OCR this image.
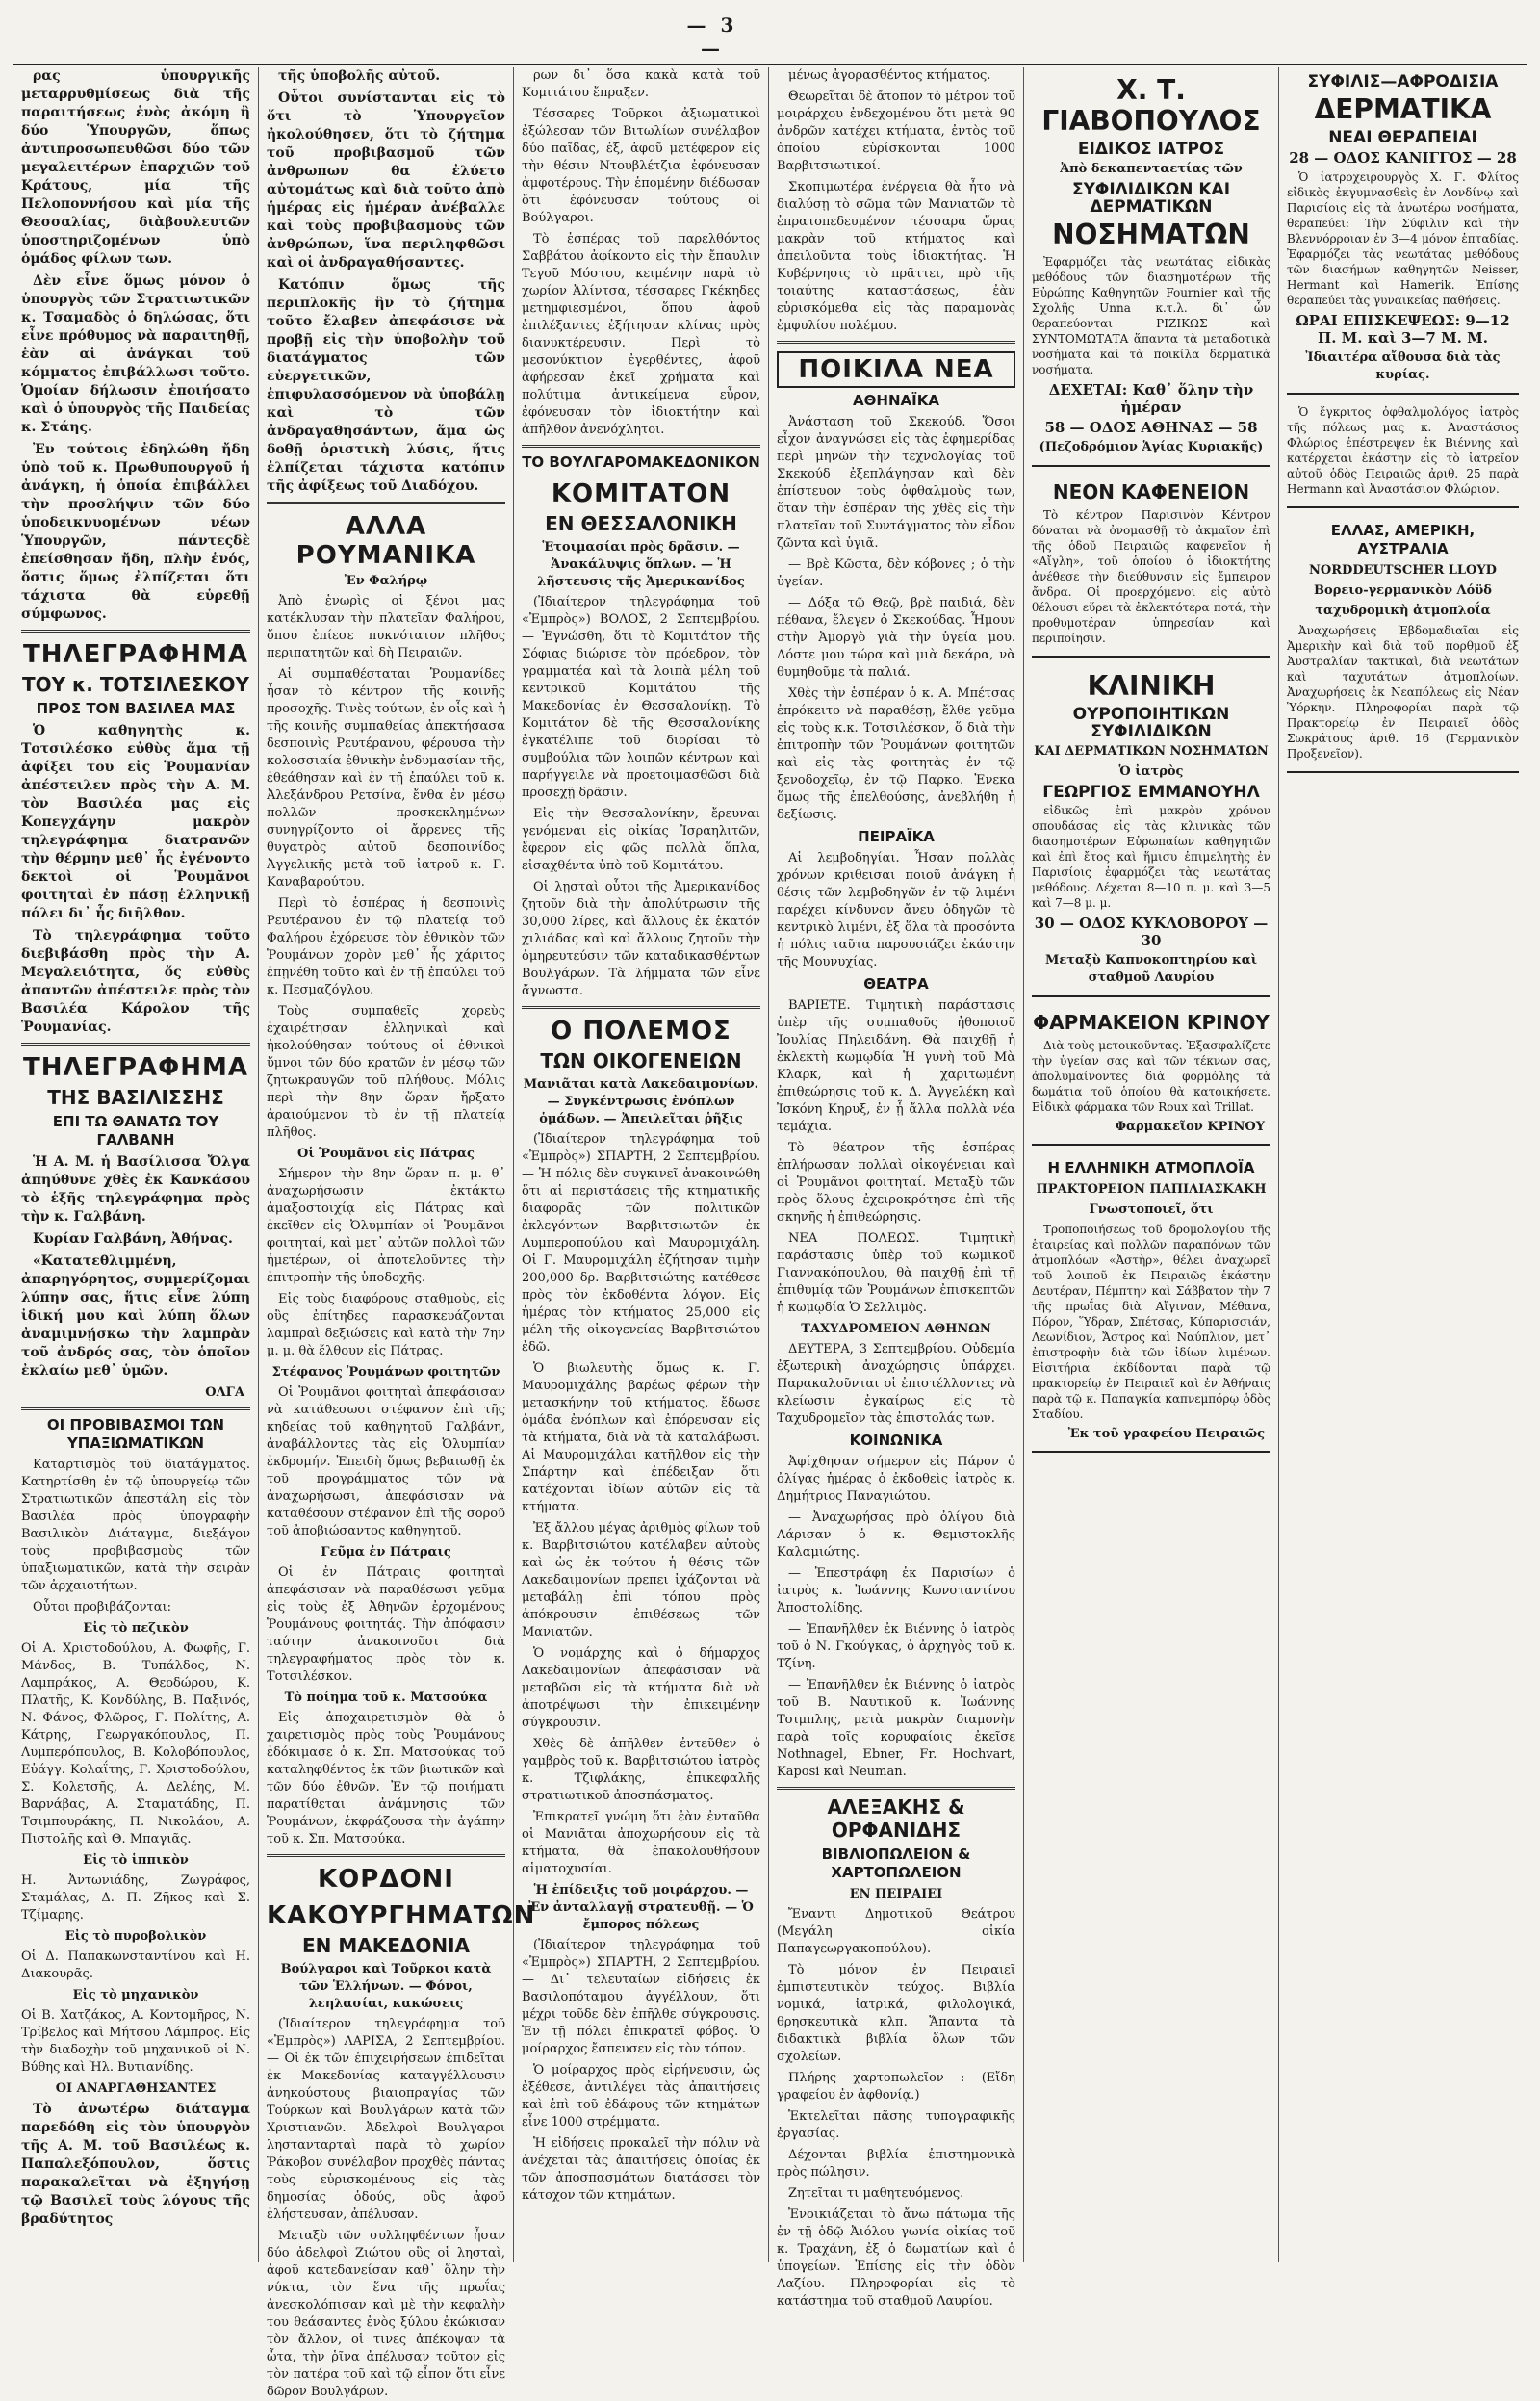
— 3 —

ρας ὑπουργικῆς μεταρρυθμίσεως διὰ τῆς παραιτήσεως ἑνὸς ἀκόμη ἢ δύο Ὑπουργῶν, ὅπως ἀντιπροσωπευθῶσι δύο τῶν μεγαλειτέρων ἐπαρχιῶν τοῦ Κράτους, μία τῆς Πελοποννήσου καὶ μία τῆς Θεσσαλίας, διὰβουλευτῶν ὑποστηριζομένων ὑπὸ ὁμάδος φίλων των.

Δὲν εἶνε ὅμως μόνον ὁ ὑπουργὸς τῶν Στρατιωτικῶν κ. Τσαμαδὸς ὁ δηλώσας, ὅτι εἶνε πρόθυμος νὰ παραιτηθῇ, ἐὰν αἱ ἀνάγκαι τοῦ κόμματος ἐπιβάλλωσι τοῦτο. Ὁμοίαν δήλωσιν ἐποιήσατο καὶ ὁ ὑπουργὸς τῆς Παιδείας κ. Στάης.

Ἐν τούτοις ἐδηλώθη ἤδη ὑπὸ τοῦ κ. Πρωθυπουργοῦ ἡ ἀνάγκη, ἡ ὁποία ἐπιβάλλει τὴν προσλήψιν τῶν δύο ὑποδεικνυομένων νέων Ὑπουργῶν, πάντεςδὲ ἐπείσθησαν ἤδη, πλὴν ἑνός, ὅστις ὅμως ἐλπίζεται ὅτι τάχιστα θὰ εὑρεθῇ σύμφωνος.

ΤΗΛΕΓΡΑΦΗΜΑ
ΤΟΥ κ. ΤΟΤΣΙΛΕΣΚΟΥ
ΠΡΟΣ ΤΟΝ ΒΑΣΙΛΕΑ ΜΑΣ

Ὁ καθηγητὴς κ. Τοτσιλέσκο εὐθὺς ἅμα τῇ ἀφίξει του εἰς Ῥουμανίαν ἀπέστειλεν πρὸς τὴν Α. Μ. τὸν Βασιλέα μας εἰς Κοπεγχάγην μακρὸν τηλεγράφημα διατρανῶν τὴν θέρμην μεθ᾽ ἧς ἐγένοντο δεκτοὶ οἱ Ῥουμᾶνοι φοιτηταὶ ἐν πάσῃ ἑλληνικῇ πόλει δι᾽ ἧς διῆλθον.

Τὸ τηλεγράφημα τοῦτο διεβιβάσθη πρὸς τὴν Α. Μεγαλειότητα, ὅς εὐθὺς ἀπαντῶν ἀπέστειλε πρὸς τὸν Βασιλέα Κάρολον τῆς Ῥουμανίας.

ΤΗΛΕΓΡΑΦΗΜΑ
ΤΗΣ ΒΑΣΙΛΙΣΣΗΣ
ΕΠΙ ΤΩ ΘΑΝΑΤΩ ΤΟΥ ΓΑΛΒΑΝΗ

Ἡ Α. Μ. ἡ Βασίλισσα Ὄλγα ἀπηύθυνε χθὲς ἐκ Κανκάσου τὸ ἑξῆς τηλεγράφημα πρὸς τὴν κ. Γαλβάνη.

Κυρίαν Γαλβάνη, Ἀθήνας.

«Κατατεθλιμμένη, ἀπαρηγόρητος, συμμερίζομαι λύπην σας, ἥτις εἶνε λύπη ἰδική μου καὶ λύπη ὅλων ἀναμιμνῄσκω τὴν λαμπρὰν τοῦ ἀνδρός σας, τὸν ὁποῖον ἐκλαίω μεθ᾽ ὑμῶν.

ΟΛΓΑ
ΟΙ ΠΡΟΒΙΒΑΣΜΟΙ ΤΩΝ ΥΠΑΞΙΩΜΑΤΙΚΩΝ

Καταρτισμὸς τοῦ διατάγματος. Κατηρτίσθη ἐν τῷ ὑπουργείῳ τῶν Στρατιωτικῶν ἀπεστάλη εἰς τὸν Βασιλέα πρὸς ὑπογραφὴν Βασιλικὸν Διάταγμα, διεξάγον τοὺς προβιβασμοὺς τῶν ὑπαξιωματικῶν, κατὰ τὴν σειρὰν τῶν ἀρχαιοτήτων.

Οὗτοι προβιβάζονται:

Εἰς τὸ πεζικὸν

Οἱ Α. Χριστοδούλου, Α. Φωφῆς, Γ. Μάνδος, Β. Τυπάλδος, Ν. Λαμπράκος, Α. Θεοδώρου, Κ. Πλατῆς, Κ. Κονδύλης, Β. Παξινός, Ν. Φάνος, Φλῶρος, Γ. Πολίτης, Α. Κάτρης, Γεωργακόπουλος, Π. Λυμπερόπουλος, Β. Κολοβόπουλος, Εὐάγγ. Κολαΐτης, Γ. Χριστοδούλου, Σ. Κολετσῆς, Α. Δελέης, Μ. Βαρνάβας, Α. Σταματάδης, Π. Τσιμπουράκης, Π. Νικολάου, Α. Πιστολῆς καὶ Θ. Μπαγιᾶς.

Εἰς τὸ ἱππικὸν

Η. Ἀντωνιάδης, Ζωγράφος, Σταμάλας, Δ. Π. Ζῆκος καὶ Σ. Τζίμαρης.

Εἰς τὸ πυροβολικὸν

Οἱ Δ. Παπακωνσταντίνου καὶ Η. Διακουρᾶς.

Εἰς τὸ μηχανικὸν

Οἱ Β. Χατζάκος, Α. Κοντομῆρος, Ν. Τρίβελος καὶ Μήτσου Λάμπρος. Εἰς τὴν διαδοχὴν τοῦ μηχανικοῦ οἱ Ν. Βύθης καὶ Ἠλ. Βυτιανίδης.

ΟΙ ΑΝΑΡΓΑΘΗΣΑΝΤΕΣ

Τὸ ἀνωτέρω διάταγμα παρεδόθη εἰς τὸν ὑπουργὸν τῆς Α. Μ. τοῦ Βασιλέως κ. Παπαλεξόπουλον, ὅστις παρακαλεῖται νὰ ἐξηγήσῃ τῷ Βασιλεῖ τοὺς λόγους τῆς βραδύτητος

τῆς ὑποβολῆς αὐτοῦ.

Οὗτοι συνίστανται εἰς τὸ ὅτι τὸ Ὑπουργεῖον ἠκολούθησεν, ὅτι τὸ ζήτημα τοῦ προβιβασμοῦ τῶν ἀνθρωπων θα ἐλύετο αὐτομάτως καὶ διὰ τοῦτο ἀπὸ ἡμέρας εἰς ἡμέραν ἀνέβαλλε καὶ τοὺς προβιβασμοὺς τῶν ἀνθρώπων, ἵνα περιληφθῶσι καὶ οἱ ἀνδραγαθήσαντες.

Κατόπιν ὅμως τῆς περιπλοκῆς ἣν τὸ ζήτημα τοῦτο ἔλαβεν ἀπεφάσισε νὰ προβῇ εἰς τὴν ὑποβολὴν τοῦ διατάγματος τῶν εὐεργετικῶν, ἐπιφυλασσόμενον νὰ ὑποβάλῃ καὶ τὸ τῶν ἀνδραγαθησάντων, ἅμα ὡς δοθῇ ὁριστικὴ λύσις, ἥτις ἐλπίζεται τάχιστα κατόπιν τῆς ἀφίξεως τοῦ Διαδόχου.

ΑΛΛΑ ΡΟΥΜΑΝΙΚΑ
Ἐν Φαλήρῳ

Ἀπὸ ἑνωρὶς οἱ ξένοι μας κατέκλυσαν τὴν πλατεῖαν Φαλήρου, ὅπου ἐπίεσε πυκνότατον πλῆθος περιπατητῶν καὶ δὴ Πειραιῶν.

Αἱ συμπαθέσταται Ῥουμανίδες ἦσαν τὸ κέντρον τῆς κοινῆς προσοχῆς. Τινὲς τούτων, ἐν οἷς καὶ ἡ τῆς κοινῆς συμπαθείας ἀπεκτήσασα δεσποινὶς Ρευτέρανου, φέρουσα τὴν κολοσσιαία ἐθνικὴν ἐνδυμασίαν τῆς, ἐθεάθησαν καὶ ἐν τῇ ἐπαύλει τοῦ κ. Ἀλεξάνδρου Ρετσίνα, ἔνθα ἐν μέσῳ πολλῶν προσκεκλημένων συνηγρίζοντο οἱ ἄρρενες τῆς θυγατρὸς αὐτοῦ δεσποινίδος Ἀγγελικῆς μετὰ τοῦ ἰατροῦ κ. Γ. Καναβαρούτου.

Περὶ τὸ ἑσπέρας ἡ δεσποινὶς Ρευτέρανου ἐν τῷ πλατείᾳ τοῦ Φαλήρου ἐχόρευσε τὸν ἐθνικὸν τῶν Ῥουμάνων χορὸν μεθ᾽ ἧς χάριτος ἐπῃνέθη τοῦτο καὶ ἐν τῇ ἐπαύλει τοῦ κ. Πεσμαζόγλου.

Τοὺς συμπαθεῖς χορεὺς ἐχαιρέτησαν ἑλληνικαὶ καὶ ἠκολούθησαν τούτους οἱ ἐθνικοὶ ὕμνοι τῶν δύο κρατῶν ἐν μέσῳ τῶν ζητωκραυγῶν τοῦ πλήθους. Μόλις περὶ τὴν 8ην ὥραν ἤρξατο ἀραιούμενον τὸ ἐν τῇ πλατείᾳ πλῆθος.

Οἱ Ῥουμᾶνοι εἰς Πάτρας

Σήμερον τὴν 8ην ὥραν π. μ. θ᾽ ἀναχωρήσωσιν ἐκτάκτῳ ἀμαξοστοιχίᾳ εἰς Πάτρας καὶ ἐκεῖθεν εἰς Ὀλυμπίαν οἱ Ῥουμᾶνοι φοιτηταί, καὶ μετ᾽ αὐτῶν πολλοὶ τῶν ἡμετέρων, οἱ ἀποτελοῦντες τὴν ἐπιτροπὴν τῆς ὑποδοχῆς.

Εἰς τοὺς διαφόρους σταθμοὺς, εἰς οὓς ἐπίτηδες παρασκευάζονται λαμπραὶ δεξιώσεις καὶ κατὰ τὴν 7ην μ. μ. θὰ ἔλθουν εἰς Πάτρας.

Στέφανος Ῥουμάνων φοιτητῶν

Οἱ Ῥουμᾶνοι φοιτηταὶ ἀπεφάσισαν νὰ κατάθεσωσι στέφανον ἐπὶ τῆς κηδείας τοῦ καθηγητοῦ Γαλβάνη, ἀναβάλλοντες τὰς εἰς Ὀλυμπίαν ἐκδρομήν. Ἐπειδὴ ὅμως βεβαιωθῇ ἐκ τοῦ προγράμματος τῶν νὰ ἀναχωρήσωσι, ἀπεφάσισαν νὰ καταθέσουν στέφανον ἐπὶ τῆς σοροῦ τοῦ ἀποβιώσαντος καθηγητοῦ.

Γεῦμα ἐν Πάτραις

Οἱ ἐν Πάτραις φοιτηταὶ ἀπεφάσισαν νὰ παραθέσωσι γεῦμα εἰς τοὺς ἐξ Ἀθηνῶν ἐρχομένους Ῥουμάνους φοιτητάς. Τὴν ἀπόφασιν ταύτην ἀνακοινοῦσι διὰ τηλεγραφήματος πρὸς τὸν κ. Τοτσιλέσκον.

Τὸ ποίημα τοῦ κ. Ματσούκα

Εἰς ἀποχαιρετισμὸν θὰ ὁ χαιρετισμὸς πρὸς τοὺς Ῥουμάνους ἐδόκιμασε ὁ κ. Σπ. Ματσούκας τοῦ καταληφθέντος ἐκ τῶν βιωτικῶν καὶ τῶν δύο ἐθνῶν. Ἐν τῷ ποιήματι παρατίθεται ἀνάμνησις τῶν Ῥουμάνων, ἐκφράζουσα τὴν ἀγάπην τοῦ κ. Σπ. Ματσούκα.

ΚΟΡΔΟΝΙ
ΚΑΚΟΥΡΓΗΜΑΤΩΝ
ΕΝ ΜΑΚΕΔΟΝΙΑ
Βούλγαροι καὶ Τοῦρκοι κατὰ τῶν Ἑλλήνων. — Φόνοι, λεηλασίαι, κακώσεις

(Ἰδιαίτερον τηλεγράφημα τοῦ «Ἐμπρὸς») ΛΑΡΙΣΑ, 2 Σεπτεμβρίου. — Οἱ ἐκ τῶν ἐπιχειρήσεων ἐπιδεῖται ἐκ Μακεδονίας καταγγέλλουσιν ἀνηκούστους βιαιοπραγίας τῶν Τούρκων καὶ Βουλγάρων κατὰ τῶν Χριστιανῶν. Ἀδελφοὶ Βουλγαροι ληστανταρταὶ παρὰ τὸ χωρίον Ῥάκοβον συνέλαβον προχθὲς πάντας τοὺς εὑρισκομένους εἰς τὰς δημοσίας ὁδούς, οὓς ἀφοῦ ἐλήστευσαν, ἀπέλυσαν.

Μεταξὺ τῶν συλληφθέντων ἦσαν δύο ἀδελφοὶ Ζιώτου οὓς οἱ λησταὶ, ἀφοῦ κατεδανείσαν καθ᾽ ὅλην τὴν νύκτα, τὸν ἕνα τῆς πρωΐας ἀνεσκολόπισαν καὶ μὲ τὴν κεφαλὴν του θεάσαντες ἑνὸς ξύλου ἐκώκισαν τὸν ἄλλον, οἱ τινες ἀπέκοψαν τὰ ὦτα, τὴν ῥῖνα ἀπέλυσαν τοῦτον εἰς τὸν πατέρα τοῦ καὶ τῷ εἶπον ὅτι εἶνε δῶρον Βουλγάρων.

ρων δι᾽ ὅσα κακὰ κατὰ τοῦ Κομιτάτου ἔπραξεν.

Τέσσαρες Τοῦρκοι ἀξιωματικοὶ ἐξώλεσαν τῶν Βιτωλίων συνέλαβον δύο παῖδας, ἐξ, ἀφοῦ μετέφερον εἰς τὴν θέσιν Ντουβλέτζια ἐφόνευσαν ἀμφοτέρους. Τὴν ἑπομένην διέδωσαν ὅτι ἐφόνευσαν τούτους οἱ Βούλγαροι.

Τὸ ἑσπέρας τοῦ παρελθόντος Σαββάτου ἀφίκοντο εἰς τὴν ἔπαυλιν Τεγοῦ Μόστου, κειμένην παρὰ τὸ χωρίον Ἀλίντσα, τέσσαρες Γκέκηδες μετημφιεσμένοι, ὅπου ἀφοῦ ἐπιλέξαντες ἐξήτησαν κλίνας πρὸς διανυκτέρευσιν. Περὶ τὸ μεσονύκτιον ἐγερθέντες, ἀφοῦ ἀφήρεσαν ἐκεῖ χρήματα καὶ πολύτιμα ἀντικείμενα εὗρον, ἐφόνευσαν τὸν ἰδιοκτήτην καὶ ἀπῆλθον ἀνενόχλητοι.

ΤΟ ΒΟΥΛΓΑΡΟΜΑΚΕΔΟΝΙΚΟΝ
ΚΟΜΙΤΑΤΟΝ
ΕΝ ΘΕΣΣΑΛΟΝΙΚΗ
Ἑτοιμασίαι πρὸς δρᾶσιν. — Ἀνακάλυψις ὅπλων. — Ἡ λῆστευσις τῆς Ἀμερικανίδος

(Ἰδιαίτερον τηλεγράφημα τοῦ «Ἐμπρὸς») ΒΟΛΟΣ, 2 Σεπτεμβρίου. — Ἐγνώσθη, ὅτι τὸ Κομιτάτον τῆς Σόφιας διώρισε τὸν πρόεδρον, τὸν γραμματέα καὶ τὰ λοιπὰ μέλη τοῦ κεντρικοῦ Κομιτάτου τῆς Μακεδονίας ἐν Θεσσαλονίκῃ. Τὸ Κομιτάτον δὲ τῆς Θεσσαλονίκης ἐγκατέλιπε τοῦ διορίσαι τὸ συμβούλια τῶν λοιπῶν κέντρων καὶ παρήγγειλε νὰ προετοιμασθῶσι διὰ προσεχῇ δρᾶσιν.

Εἰς τὴν Θεσσαλονίκην, ἔρευναι γενόμεναι εἰς οἰκίας Ἰσραηλιτῶν, ἔφερον εἰς φῶς πολλὰ ὅπλα, εἰσαχθέντα ὑπὸ τοῦ Κομιτάτου.

Οἱ λῃσταὶ οὗτοι τῆς Ἀμερικανίδος ζητοῦν διὰ τὴν ἀπολύτρωσιν τῆς 30,000 λίρες, καὶ ἄλλους ἐκ ἑκατόν χιλιάδας καὶ καὶ ἄλλους ζητοῦν τὴν ὁμηρευτεύσιν τῶν καταδικασθέντων Βουλγάρων. Τὰ λήμματα τῶν εἶνε ἄγνωστα.

Ο ΠΟΛΕΜΟΣ
ΤΩΝ ΟΙΚΟΓΕΝΕΙΩΝ
Μανιᾶται κατὰ Λακεδαιμονίων. — Συγκέντρωσις ἐνόπλων ὁμάδων. — Ἀπειλεῖται ῥῆξις

(Ἰδιαίτερον τηλεγράφημα τοῦ «Ἐμπρὸς») ΣΠΑΡΤΗ, 2 Σεπτεμβρίου. — Ἡ πόλις δὲν συγκινεῖ ἀνακοινώθη ὅτι αἱ περιστάσεις τῆς κτηματικῆς διαφορᾶς τῶν πολιτικῶν ἐκλεγόντων Βαρβιτσιωτῶν ἐκ Λυμπεροπούλου καὶ Μαυρομιχάλη. Οἱ Γ. Μαυρομιχάλη ἐζήτησαν τιμὴν 200,000 δρ. Βαρβιτσιώτης κατέθεσε πρὸς τὸν ἐκδοθέντα λόγον. Εἰς ἡμέρας τὸν κτήματος 25,000 εἰς μέλη τῆς οἰκογενείας Βαρβιτσιώτου ἐδῶ.

Ὁ βιωλευτὴς ὅμως κ. Γ. Μαυρομιχάλης βαρέως φέρων τὴν μετασκήνην τοῦ κτήματος, ἔδωσε ὁμάδα ἐνόπλων καὶ ἐπόρευσαν εἰς τὰ κτήματα, διὰ νὰ τὰ καταλάβωσι. Αἱ Μαυρομιχάλαι κατῆλθον εἰς τὴν Σπάρτην καὶ ἐπέδειξαν ὅτι κατέχονται ἰδίων αὐτῶν εἰς τὰ κτήματα.

Ἐξ ἄλλου μέγας ἀριθμὸς φίλων τοῦ κ. Βαρβιτσιώτου κατέλαβεν αὐτοὺς καὶ ὡς ἐκ τούτου ἡ θέσις τῶν Λακεδαιμονίων πρεπει ἰχάζονται νὰ μεταβάλῃ ἐπὶ τόπου πρὸς ἀπόκρουσιν ἐπιθέσεως τῶν Μανιατῶν.

Ὁ νομάρχης καὶ ὁ δήμαρχος Λακεδαιμονίων ἀπεφάσισαν νὰ μεταβῶσι εἰς τὰ κτήματα διὰ νὰ ἀποτρέψωσι τὴν ἐπικειμένην σύγκρουσιν.

Χθὲς δὲ ἀπῆλθεν ἐντεῦθεν ὁ γαμβρὸς τοῦ κ. Βαρβιτσιώτου ἰατρὸς κ. Τζιφλάκης, ἐπικεφαλῆς στρατιωτικοῦ ἀποσπάσματος.

Ἐπικρατεῖ γνώμη ὅτι ἐὰν ἐνταῦθα οἱ Μανιᾶται ἀποχωρήσουν εἰς τὰ κτήματα, θὰ ἐπακολουθήσουν αἱματοχυσίαι.

Ἡ ἐπίδειξις τοῦ μοιράρχου. — Ἐν ἀνταλλαγῇ στρατευθῇ. — Ὁ ἔμπορος πόλεως

(Ἰδιαίτερον τηλεγράφημα τοῦ «Ἐμπρὸς») ΣΠΑΡΤΗ, 2 Σεπτεμβρίου. — Δι᾽ τελευταίων εἰδήσεις ἐκ Βασιλοπόταμου ἀγγέλλουν, ὅτι μέχρι τοῦδε δὲν ἐπῆλθε σύγκρουσις. Ἐν τῇ πόλει ἐπικρατεῖ φόβος. Ὁ μοίραρχος ἔσπευσεν εἰς τὸν τόπον.

Ὁ μοίραρχος πρὸς εἰρήνευσιν, ὡς ἐξέθεσε, ἀντιλέγει τὰς ἀπαιτήσεις καὶ ἐπὶ τοῦ ἐδάφους τῶν κτημάτων εἶνε 1000 στρέμματα.

Ἡ εἰδήσεις προκαλεῖ τὴν πόλιν νὰ ἀνέχεται τὰς ἀπαιτήσεις ὁποίας ἐκ τῶν ἀποσπασμάτων διατάσσει τὸν κάτοχον τῶν κτημάτων.

μένως ἀγορασθέντος κτήματος.

Θεωρεῖται δὲ ἄτοπον τὸ μέτρον τοῦ μοιράρχου ἐνδεχομένου ὅτι μετὰ 90 ἀνδρῶν κατέχει κτήματα, ἐντὸς τοῦ ὁποίου εὑρίσκονται 1000 Βαρβιτσιωτικοί.

Σκοπιμωτέρα ἐνέργεια θὰ ἦτο νὰ διαλύσῃ τὸ σῶμα τῶν Μανιατῶν τὸ ἐπρατοπεδευμένον τέσσαρα ὥρας μακρὰν τοῦ κτήματος καὶ ἀπειλοῦντα τοὺς ἰδιοκτήτας. Ἡ Κυβέρνησις τὸ πρᾶττει, πρὸ τῆς τοιαύτης καταστάσεως, ἐὰν εὑρισκόμεθα εἰς τὰς παραμονὰς ἐμφυλίου πολέμου.

ΠΟΙΚΙΛΑ ΝΕΑ
ΑΘΗΝΑΪΚΑ

Ἀνάσταση τοῦ Σκεκούδ. Ὅσοι εἶχον ἀναγνώσει εἰς τὰς ἐφημερίδας περὶ μηνῶν τὴν τεχνολογίας τοῦ Σκεκούδ ἐξεπλάγησαν καὶ δὲν ἐπίστευον τοὺς ὀφθαλμοὺς των, ὅταν τὴν ἑσπέραν τῆς χθὲς εἰς τὴν πλατεῖαν τοῦ Συντάγματος τὸν εἶδον ζῶντα καὶ ὑγιᾶ.

— Βρὲ Κῶστα, δὲν κόβονες ; ὁ τὴν ὑγείαν.

— Δόξα τῷ Θεῷ, βρὲ παιδιά, δὲν πέθανα, ἔλεγεν ὁ Σκεκούδας. Ἦμουν στὴν Ἀμοργὸ γιὰ τὴν ὑγεία μου. Δόστε μου τώρα καὶ μιὰ δεκάρα, νὰ θυμηθοῦμε τὰ παλιά.

Χθὲς τὴν ἑσπέραν ὁ κ. Α. Μπέτσας ἐπρόκειτο νὰ παραθέσῃ, ἔλθε γεῦμα εἰς τοὺς κ.κ. Τοτσιλέσκον, ὅ διὰ τὴν ἐπιτροπὴν τῶν Ῥουμάνων φοιτητῶν καὶ εἰς τὰς φοιτητὰς ἐν τῷ ξενοδοχεῖῳ, ἐν τῷ Παρκο. Ἐνεκα ὅμως τῆς ἐπελθούσης, ἀνεβλήθη ἡ δεξίωσις.

ΠΕΙΡΑΪΚΑ

Αἱ λεμβοδηγίαι. Ἦσαν πολλὰς χρόνων κριθεισαι ποιοῦ ἀνάγκη ἡ θέσις τῶν λεμβοδηγῶν ἐν τῷ λιμένι παρέχει κίνδυνον ἄνευ ὁδηγῶν τὸ κεντρικὸ λιμένι, ἐξ ὅλα τὰ προσόντα ἡ πόλις ταῦτα παρουσιάζει ἐκάστην τῆς Μουνυχίας.

ΘΕΑΤΡΑ

ΒΑΡΙΕΤΕ. Τιμητικὴ παράστασις ὑπὲρ τῆς συμπαθοῦς ἠθοποιοῦ Ἰουλίας Πηλειδάνη. Θὰ παιχθῇ ἡ ἐκλεκτὴ κωμῳδία Ἡ γυνὴ τοῦ Μὰ Κλαρκ, καὶ ἡ χαριτωμένη ἐπιθεώρησις τοῦ κ. Δ. Ἀγγελέκη καὶ Ἰσκόνη Κηρυξ, ἐν ᾗ ἄλλα πολλὰ νέα τεμάχια.

Τὸ θέατρον τῆς ἑσπέρας ἐπλήρωσαν πολλαὶ οἰκογένειαι καὶ οἱ Ῥουμᾶνοι φοιτηταί. Μεταξὺ τῶν πρὸς ὅλους ἐχειροκρότησε ἐπὶ τῆς σκηνῆς ἡ ἐπιθεώρησις.

ΝΕΑ ΠΟΛΕΩΣ. Τιμητικὴ παράστασις ὑπὲρ τοῦ κωμικοῦ Γιαννακόπουλου, θὰ παιχθῇ ἐπὶ τῇ ἐπιθυμίᾳ τῶν Ῥουμάνων ἐπισκεπτῶν ἡ κωμῳδία Ὁ Σελλιμὸς.

ΤΑΧΥΔΡΟΜΕΙΟΝ ΑΘΗΝΩΝ

ΔΕΥΤΕΡΑ, 3 Σεπτεμβρίου. Οὐδεμία ἐξωτερικὴ ἀναχώρησις ὑπάρχει. Παρακαλοῦνται οἱ ἐπιστέλλοντες νὰ κλείωσιν ἐγκαίρως εἰς τὸ Ταχυδρομεῖον τὰς ἐπιστολάς των.

ΚΟΙΝΩΝΙΚΑ

Ἀφίχθησαν σήμερον εἰς Πάρον ὁ ὀλίγας ἡμέρας ὁ ἐκδοθεὶς ἰατρὸς κ. Δημήτριος Παναγιώτου.

— Ἀναχωρήσας πρὸ ὀλίγου διὰ Λάρισαν ὁ κ. Θεμιστοκλῆς Καλαμιώτης.

— Ἐπεστράφη ἐκ Παρισίων ὁ ἰατρὸς κ. Ἰωάννης Κωνσταντίνου Ἀποστολίδης.

— Ἐπανῆλθεν ἐκ Βιέννης ὁ ἰατρὸς τοῦ ὁ Ν. Γκούγκας, ὁ ἀρχηγὸς τοῦ κ. Τζίνη.

— Ἐπανῆλθεν ἐκ Βιέννης ὁ ἰατρὸς τοῦ Β. Ναυτικοῦ κ. Ἰωάννης Τσιμπλης, μετὰ μακρὰν διαμονὴν παρὰ τοῖς κορυφαίοις ἐκεῖσε Nothnagel, Ebner, Fr. Hochvart, Kaposi καὶ Neuman.

ΑΛΕΞΑΚΗΣ & ΟΡΦΑΝΙΔΗΣ
ΒΙΒΛΙΟΠΩΛΕΙΟΝ & ΧΑΡΤΟΠΩΛΕΙΟΝ
ΕΝ ΠΕΙΡΑΙΕΙ

Ἔναντι Δημοτικοῦ Θεάτρου (Μεγάλη οἰκία Παπαγεωργακοπούλου).

Τὸ μόνον ἐν Πειραιεῖ ἐμπιστευτικὸν τεύχος. Βιβλία νομικά, ἰατρικά, φιλολογικά, θρησκευτικὰ κλπ. Ἅπαντα τὰ διδακτικὰ βιβλία ὅλων τῶν σχολείων.

Πλήρης χαρτοπωλεῖον : (Εἴδη γραφείου ἐν ἀφθονίᾳ.)

Ἐκτελεῖται πᾶσης τυπογραφικῆς ἐργασίας.

Δέχονται βιβλία ἐπιστημονικὰ πρὸς πώλησιν.

Ζητεῖται τι μαθητευόμενος.

Ἐνοικιάζεται τὸ ἄνω πάτωμα τῆς ἐν τῇ ὁδῷ Ἀιόλου γωνία οἰκίας τοῦ κ. Τραχάνη, ἐξ ὁ δωματίων καὶ ὁ ὑπογείων. Ἐπίσης εἰς τὴν ὁδὸν Λαζίου. Πληροφορίαι εἰς τὸ κατάστημα τοῦ σταθμοῦ Λαυρίου.

Χ. Τ. ΓΙΑΒΟΠΟΥΛΟΣ
ΕΙΔΙΚΟΣ ΙΑΤΡΟΣ
Ἀπὸ δεκαπενταετίας τῶν
ΣΥΦΙΛΙΔΙΚΩΝ ΚΑΙ ΔΕΡΜΑΤΙΚΩΝ
ΝΟΣΗΜΑΤΩΝ

Ἐφαρμόζει τὰς νεωτάτας εἰδικὰς μεθόδους τῶν διασημοτέρων τῆς Εὐρώπης Καθηγητῶν Fournier καὶ τῆς Σχολῆς Unna κ.τ.λ. δι᾽ ὧν θεραπεύονται ΡΙΖΙΚΩΣ καὶ ΣΥΝΤΟΜΩΤΑΤΑ ἅπαντα τὰ μεταδοτικὰ νοσήματα καὶ τὰ ποικίλα δερματικὰ νοσήματα.

ΔΕΧΕΤΑΙ: Καθ᾽ ὅλην τὴν ἡμέραν
58 — ΟΔΟΣ ΑΘΗΝΑΣ — 58
(Πεζοδρόμιον Ἁγίας Κυριακῆς)
ΝΕΟΝ ΚΑΦΕΝΕΙΟΝ

Τὸ κέντρον Παρισινὸν Κέντρον δύναται νὰ ὀνομασθῇ τὸ ἀκμαῖον ἐπὶ τῆς ὁδοῦ Πειραιῶς καφενεῖον ἡ «Αἴγλη», τοῦ ὁποίου ὁ ἰδιοκτήτης ἀνέθεσε τὴν διεύθυνσιν εἰς ἔμπειρον ἄνδρα. Οἱ προερχόμενοι εἰς αὐτὸ θέλουσι εὕρει τὰ ἐκλεκτότερα ποτά, τὴν προθυμοτέραν ὑπηρεσίαν καὶ περιποίησιν.

ΚΛΙΝΙΚΗ
ΟΥΡΟΠΟΙΗΤΙΚΩΝ ΣΥΦΙΛΙΔΙΚΩΝ
ΚΑΙ ΔΕΡΜΑΤΙΚΩΝ ΝΟΣΗΜΑΤΩΝ
Ὁ ἰατρὸς
ΓΕΩΡΓΙΟΣ ΕΜΜΑΝΟΥΗΛ

εἰδικῶς ἐπὶ μακρὸν χρόνον σπουδάσας εἰς τὰς κλινικὰς τῶν διασημοτέρων Εὐρωπαίων καθηγητῶν καὶ ἐπὶ ἔτος καὶ ἥμισυ ἐπιμελητὴς ἐν Παρισίοις ἐφαρμόζει τὰς νεωτάτας μεθόδους. Δέχεται 8—10 π. μ. καὶ 3—5 καὶ 7—8 μ. μ.

30 — ΟΔΟΣ ΚΥΚΛΟΒΟΡΟΥ — 30
Μεταξὺ Καπνοκοπτηρίου καὶ σταθμοῦ Λαυρίου
ΦΑΡΜΑΚΕΙΟΝ ΚΡΙΝΟΥ

Διὰ τοὺς μετοικοῦντας. Ἐξασφαλίζετε τὴν ὑγείαν σας καὶ τῶν τέκνων σας, ἀπολυμαίνοντες διὰ φορμόλης τὰ δωμάτια τοῦ ὁποίου θὰ κατοικήσετε. Εἰδικὰ φάρμακα τῶν Roux καὶ Trillat.

Φαρμακεῖον ΚΡΙΝΟΥ
Η ΕΛΛΗΝΙΚΗ ΑΤΜΟΠΛΟΪΑ
ΠΡΑΚΤΟΡΕΙΟΝ ΠΑΠΙΛΙΑΣΚΑΚΗ
Γνωστοποιεῖ, ὅτι

Τροποποιήσεως τοῦ δρομολογίου τῆς ἑταιρείας καὶ πολλῶν παραπόνων τῶν ἀτμοπλόων «Ἀστὴρ», θέλει ἀναχωρεῖ τοῦ λοιποῦ ἐκ Πειραιῶς ἑκάστην Δευτέραν, Πέμπτην καὶ Σάββατον τὴν 7 τῆς πρωΐας διὰ Αἴγιναν, Μέθανα, Πόρον, Ὕδραν, Σπέτσας, Κύπαρισσιάν, Λεωνίδιον, Ἄστρος καὶ Ναύπλιον, μετ᾽ ἐπιστροφὴν διὰ τῶν ἰδίων λιμένων. Εἰσιτήρια ἐκδίδονται παρὰ τῷ πρακτορείῳ ἐν Πειραιεῖ καὶ ἐν Ἀθήναις παρὰ τῷ κ. Παπαγκία καπνεμπόρῳ ὁδὸς Σταδίου.

Ἐκ τοῦ γραφείου Πειραιῶς
ΣΥΦΙΛΙΣ—ΑΦΡΟΔΙΣΙΑ
ΔΕΡΜΑΤΙΚΑ
ΝΕΑΙ ΘΕΡΑΠΕΙΑΙ
28 — ΟΔΟΣ ΚΑΝΙΓΓΟΣ — 28

Ὁ ἰατροχειρουργὸς Χ. Γ. Φλίτος εἰδικὸς ἐκγυμνασθεὶς ἐν Λονδίνῳ καὶ Παρισίοις εἰς τὰ ἀνωτέρω νοσήματα, θεραπεύει: Τὴν Σύφιλιν καὶ τὴν Βλεννόρροιαν ἐν 3—4 μόνον ἑπταδίας. Ἐφαρμόζει τὰς νεωτάτας μεθόδους τῶν διασήμων καθηγητῶν Neisser, Hermant καὶ Hamerik. Ἐπίσης θεραπεύει τὰς γυναικείας παθήσεις.

ΩΡΑΙ ΕΠΙΣΚΕΨΕΩΣ: 9—12 Π. Μ. καὶ 3—7 Μ. Μ.
Ἰδιαιτέρα αἴθουσα διὰ τὰς κυρίας.

Ὁ ἔγκριτος ὀφθαλμολόγος ἰατρὸς τῆς πόλεως μας κ. Ἀναστάσιος Φλώριος ἐπέστρεψεν ἐκ Βιέννης καὶ κατέρχεται ἐκάστην εἰς τὸ ἰατρεῖον αὐτοῦ ὁδὸς Πειραιῶς ἀριθ. 25 παρὰ Hermann καὶ Ἀναστάσιον Φλώριον.

ΕΛΛΑΣ, ΑΜΕΡΙΚΗ, ΑΥΣΤΡΑΛΙΑ
NORDDEUTSCHER LLOYD
Βορειο-γερμανικὸν Λόϋδ
ταχυδρομικὴ ἀτμοπλοΐα

Ἀναχωρήσεις Ἑβδομαδιαῖαι εἰς Ἀμερικὴν καὶ διὰ τοῦ πορθμοῦ ἐξ Ἀυστραλίαν τακτικαὶ, διὰ νεωτάτων καὶ ταχυτάτων ἀτμοπλοίων. Ἀναχωρήσεις ἐκ Νεαπόλεως εἰς Νέαν Ὑόρκην. Πληροφορίαι παρὰ τῷ Πρακτορείῳ ἐν Πειραιεῖ ὁδὸς Σωκράτους ἀριθ. 16 (Γερμανικὸν Προξενεῖον).
